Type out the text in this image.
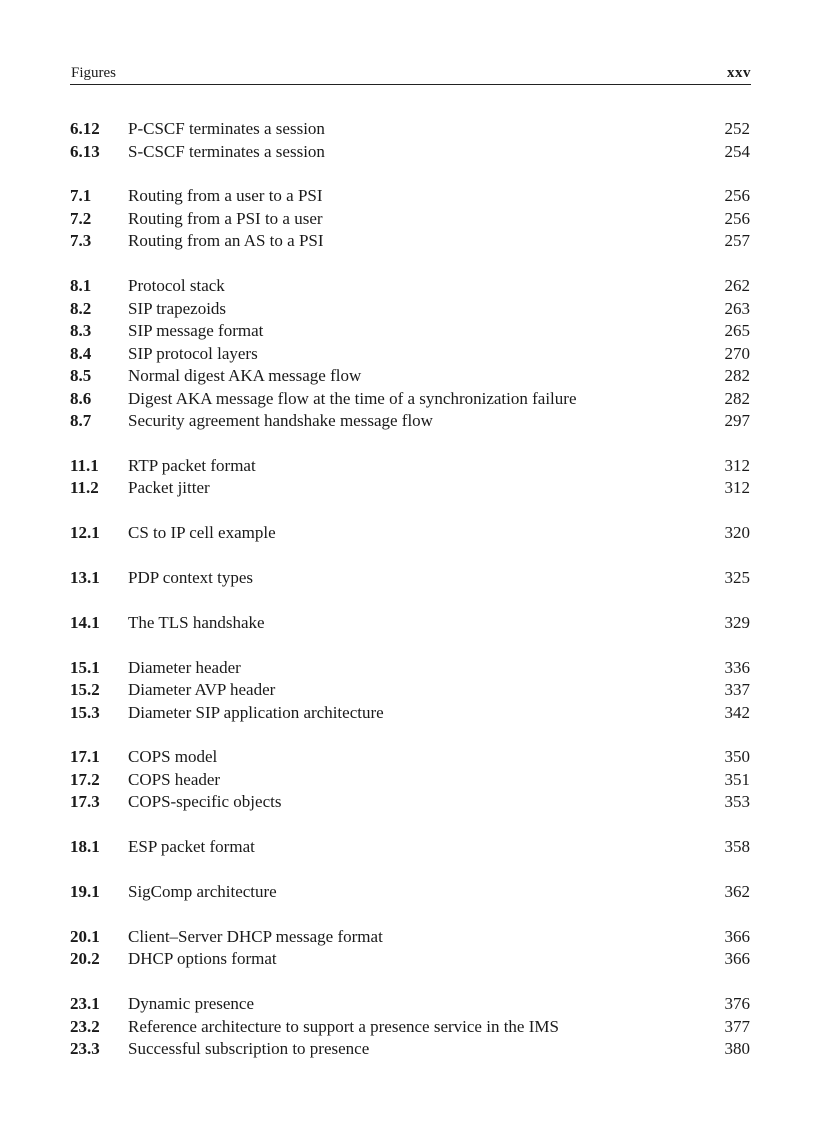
Figures	xxv
6.12 P-CSCF terminates a session	252
6.13 S-CSCF terminates a session	254
7.1 Routing from a user to a PSI	256
7.2 Routing from a PSI to a user	256
7.3 Routing from an AS to a PSI	257
8.1 Protocol stack	262
8.2 SIP trapezoids	263
8.3 SIP message format	265
8.4 SIP protocol layers	270
8.5 Normal digest AKA message flow	282
8.6 Digest AKA message flow at the time of a synchronization failure	282
8.7 Security agreement handshake message flow	297
11.1 RTP packet format	312
11.2 Packet jitter	312
12.1 CS to IP cell example	320
13.1 PDP context types	325
14.1 The TLS handshake	329
15.1 Diameter header	336
15.2 Diameter AVP header	337
15.3 Diameter SIP application architecture	342
17.1 COPS model	350
17.2 COPS header	351
17.3 COPS-specific objects	353
18.1 ESP packet format	358
19.1 SigComp architecture	362
20.1 Client–Server DHCP message format	366
20.2 DHCP options format	366
23.1 Dynamic presence	376
23.2 Reference architecture to support a presence service in the IMS	377
23.3 Successful subscription to presence	380
